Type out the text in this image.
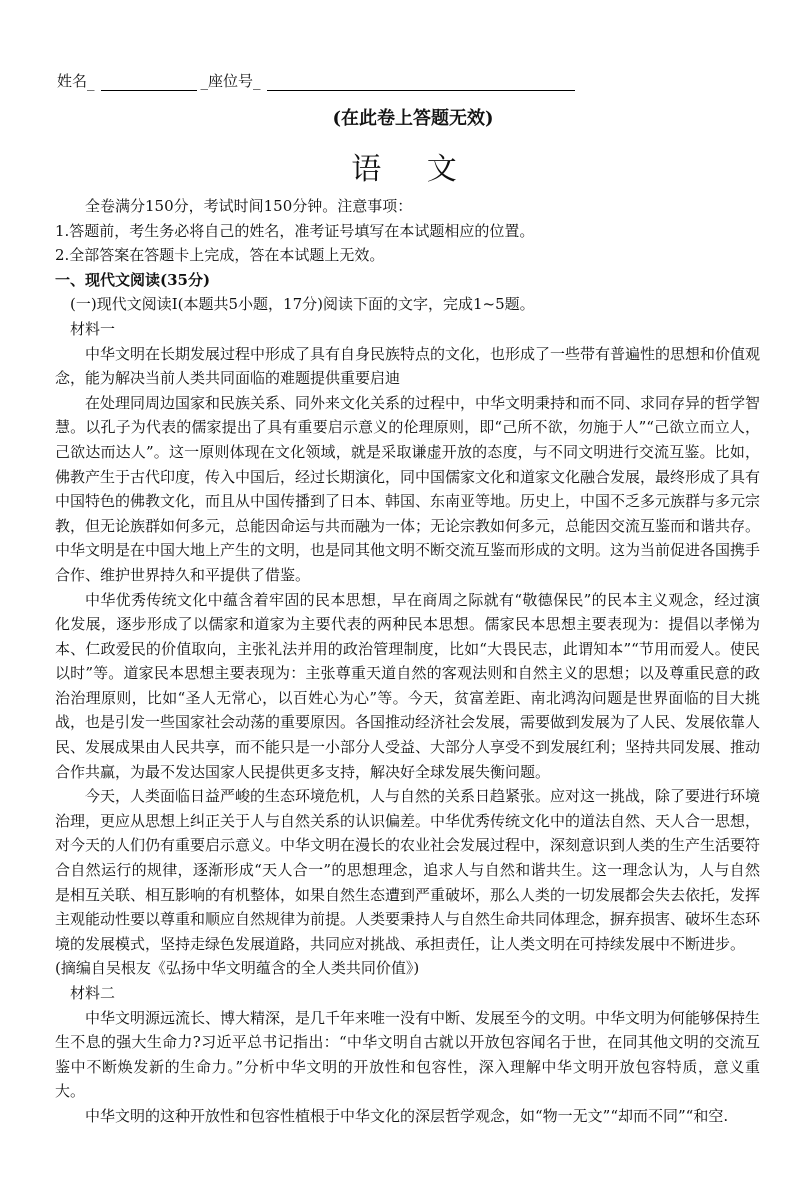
姓名 _	_座位号_
(在此卷上答题无效)
语 文

全卷满分150分，考试时间150分钟。注意事项：

1.答题前，考生务必将自己的姓名，准考证号填写在本试题相应的位置。

2.全部答案在答题卡上完成，答在本试题上无效。

一、现代文阅读(35分)

(一)现代文阅读Ⅰ(本题共5小题，17分)阅读下面的文字，完成1~5题。

材料一

中华文明在长期发展过程中形成了具有自身民族特点的文化，也形成了一些带有普遍性的思想和价值观念，能为解决当前人类共同面临的难题提供重要启迪

在处理同周边国家和民族关系、同外来文化关系的过程中，中华文明秉持和而不同、求同存异的哲学智慧。以孔子为代表的儒家提出了具有重要启示意义的伦理原则，即“己所不欲，勿施于人”“己欲立而立人，己欲达而达人”。这一原则体现在文化领域，就是采取谦虚开放的态度，与不同文明进行交流互鉴。比如，佛教产生于古代印度，传入中国后，经过长期演化，同中国儒家文化和道家文化融合发展，最终形成了具有中国特色的佛教文化，而且从中国传播到了日本、韩国、东南亚等地。历史上，中国不乏多元族群与多元宗教，但无论族群如何多元，总能因命运与共而融为一体；无论宗教如何多元，总能因交流互鉴而和谐共存。

中华文明是在中国大地上产生的文明，也是同其他文明不断交流互鉴而形成的文明。这为当前促进各国携手合作、维护世界持久和平提供了借鉴。

中华优秀传统文化中蕴含着牢固的民本思想，早在商周之际就有“敬德保民”的民本主义观念，经过演化发展，逐步形成了以儒家和道家为主要代表的两种民本思想。儒家民本思想主要表现为：提倡以孝悌为本、仁政爱民的价值取向，主张礼法并用的政治管理制度，比如“大畏民志，此谓知本”“节用而爱人。使民以时”等。道家民本思想主要表现为：主张尊重天道自然的客观法则和自然主义的思想；以及尊重民意的政治治理原则，比如“圣人无常心，以百姓心为心”等。今天，贫富差距、南北鸿沟问题是世界面临的目大挑战，也是引发一些国家社会动荡的重要原因。各国推动经济社会发展，需要做到发展为了人民、发展依靠人民、发展成果由人民共享，而不能只是一小部分人受益、大部分人享受不到发展红利；坚持共同发展、推动合作共赢，为最不发达国家人民提供更多支持，解决好全球发展失衡问题。

今天，人类面临日益严峻的生态环境危机，人与自然的关系日趋紧张。应对这一挑战，除了要进行环境治理，更应从思想上纠正关于人与自然关系的认识偏差。中华优秀传统文化中的道法自然、天人合一思想，对今天的人们仍有重要启示意义。中华文明在漫长的农业社会发展过程中，深刻意识到人类的生产生活要符合自然运行的规律，逐渐形成“天人合一”的思想理念，追求人与自然和谐共生。这一理念认为，人与自然是相互关联、相互影响的有机整体，如果自然生态遭到严重破坏，那么人类的一切发展都会失去依托，发挥主观能动性要以尊重和顺应自然规律为前提。人类要秉持人与自然生命共同体理念，摒弃损害、破坏生态环境的发展模式，坚持走绿色发展道路，共同应对挑战、承担责任，让人类文明在可持续发展中不断进步。

(摘编自吴根友《弘扬中华文明蕴含的全人类共同价值》)

材料二

中华文明源远流长、博大精深，是几千年来唯一没有中断、发展至今的文明。中华文明为何能够保持生生不息的强大生命力?习近平总书记指出：“中华文明自古就以开放包容闻名于世，在同其他文明的交流互鉴中不断焕发新的生命力。”分析中华文明的开放性和包容性，深入理解中华文明开放包容特质，意义重大。

中华文明的这种开放性和包容性植根于中华文化的深层哲学观念，如“物一无文”“却而不同”“和空.
